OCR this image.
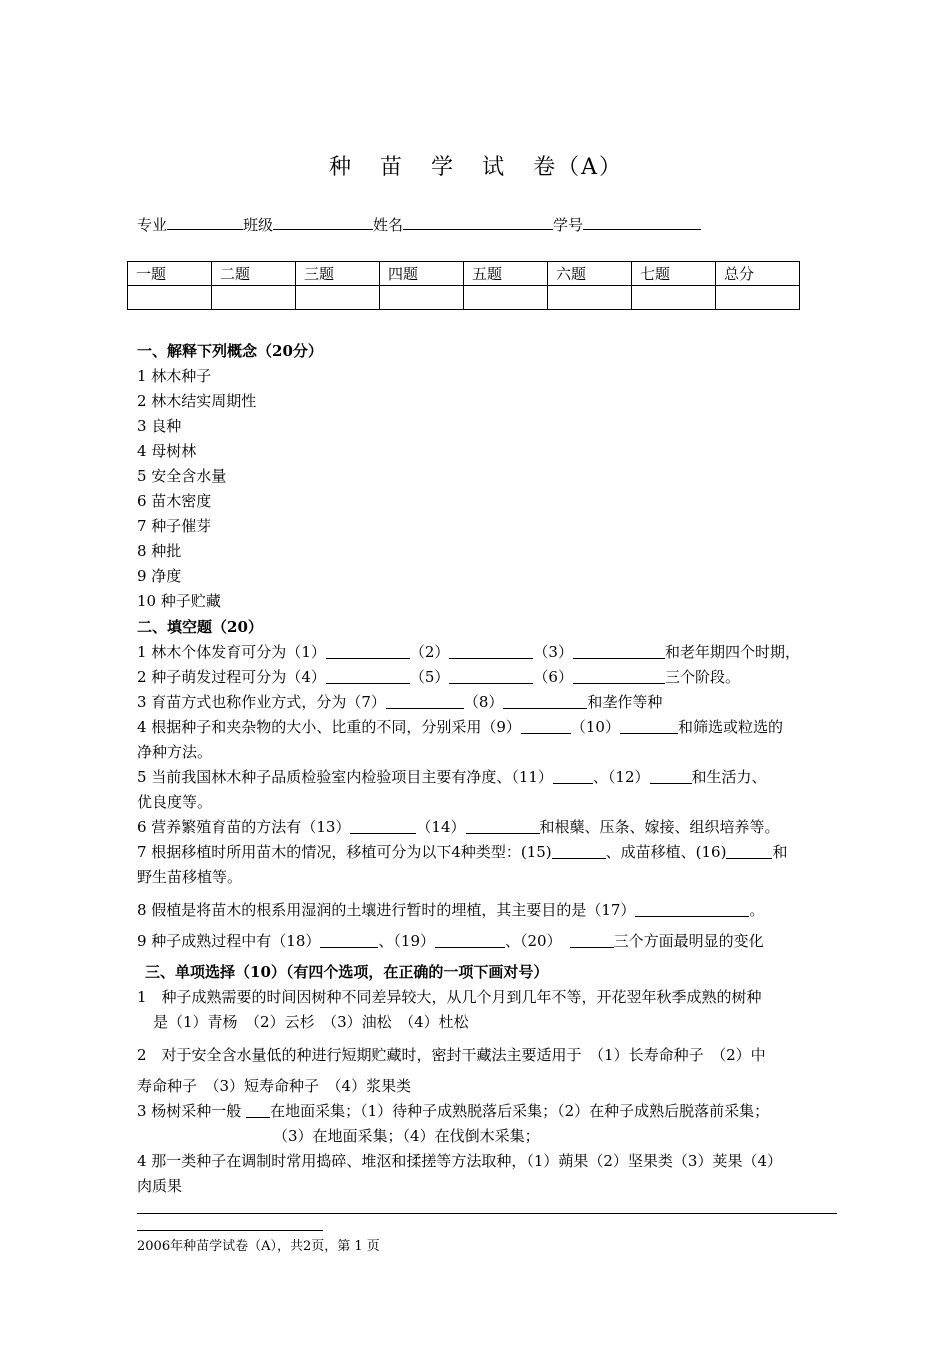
种 苗 学 试 卷（A）
专业	班级	姓名	学号
一题	二题	三题	四题	五题	六题	七题	总分

一、解释下列概念（20分）
1 林木种子
2 林木结实周期性
3 良种
4 母树林
5 安全含水量
6 苗木密度
7 种子催芽
8 种批
9 净度
10 种子贮藏
二、填空题（20）
1 林木个体发育可分为（1）	（2）	（3）	和老年期四个时期，
2 种子萌发过程可分为（4）	（5）	（6）	三个阶段。
3 育苗方式也称作业方式，分为（7）	（8）	和垄作等种
4 根据种子和夹杂物的大小、比重的不同，分别采用（9）	（10）	和筛选或粒选的
净种方法。
5 当前我国林木种子品质检验室内检验项目主要有净度、（11）	、（12）	和生活力、
优良度等。
6 营养繁殖育苗的方法有（13）	（14）	和根蘖、压条、嫁接、组织培养等。
7 根据移植时所用苗木的情况，移植可分为以下4种类型：(15)	、成苗移植、(16)	和
野生苗移植等。
8 假植是将苗木的根系用湿润的土壤进行暂时的埋植，其主要目的是（17）	。
9 种子成熟过程中有（18）	、（19）	、（20）	三个方面最明显的变化
三、单项选择（10）（有四个选项，在正确的一项下画对号）
1　种子成熟需要的时间因树种不同差异较大，从几个月到几年不等，开花翌年秋季成熟的树种
是（1）青杨　（2）云杉　（3）油松　（4）杜松
2　对于安全含水量低的种进行短期贮藏时，密封干藏法主要适用于　（1）长寿命种子　（2）中
寿命种子　（3）短寿命种子　（4）浆果类
3 杨树采种一般 在地面采集；（1）待种子成熟脱落后采集；（2）在种子成熟后脱落前采集；
（3）在地面采集；（4）在伐倒木采集；
4 那一类种子在调制时常用捣碎、堆沤和揉搓等方法取种，（1）蒴果（2）坚果类（3）荚果（4）
肉质果
2006年种苗学试卷（A），共2页，第 1 页
